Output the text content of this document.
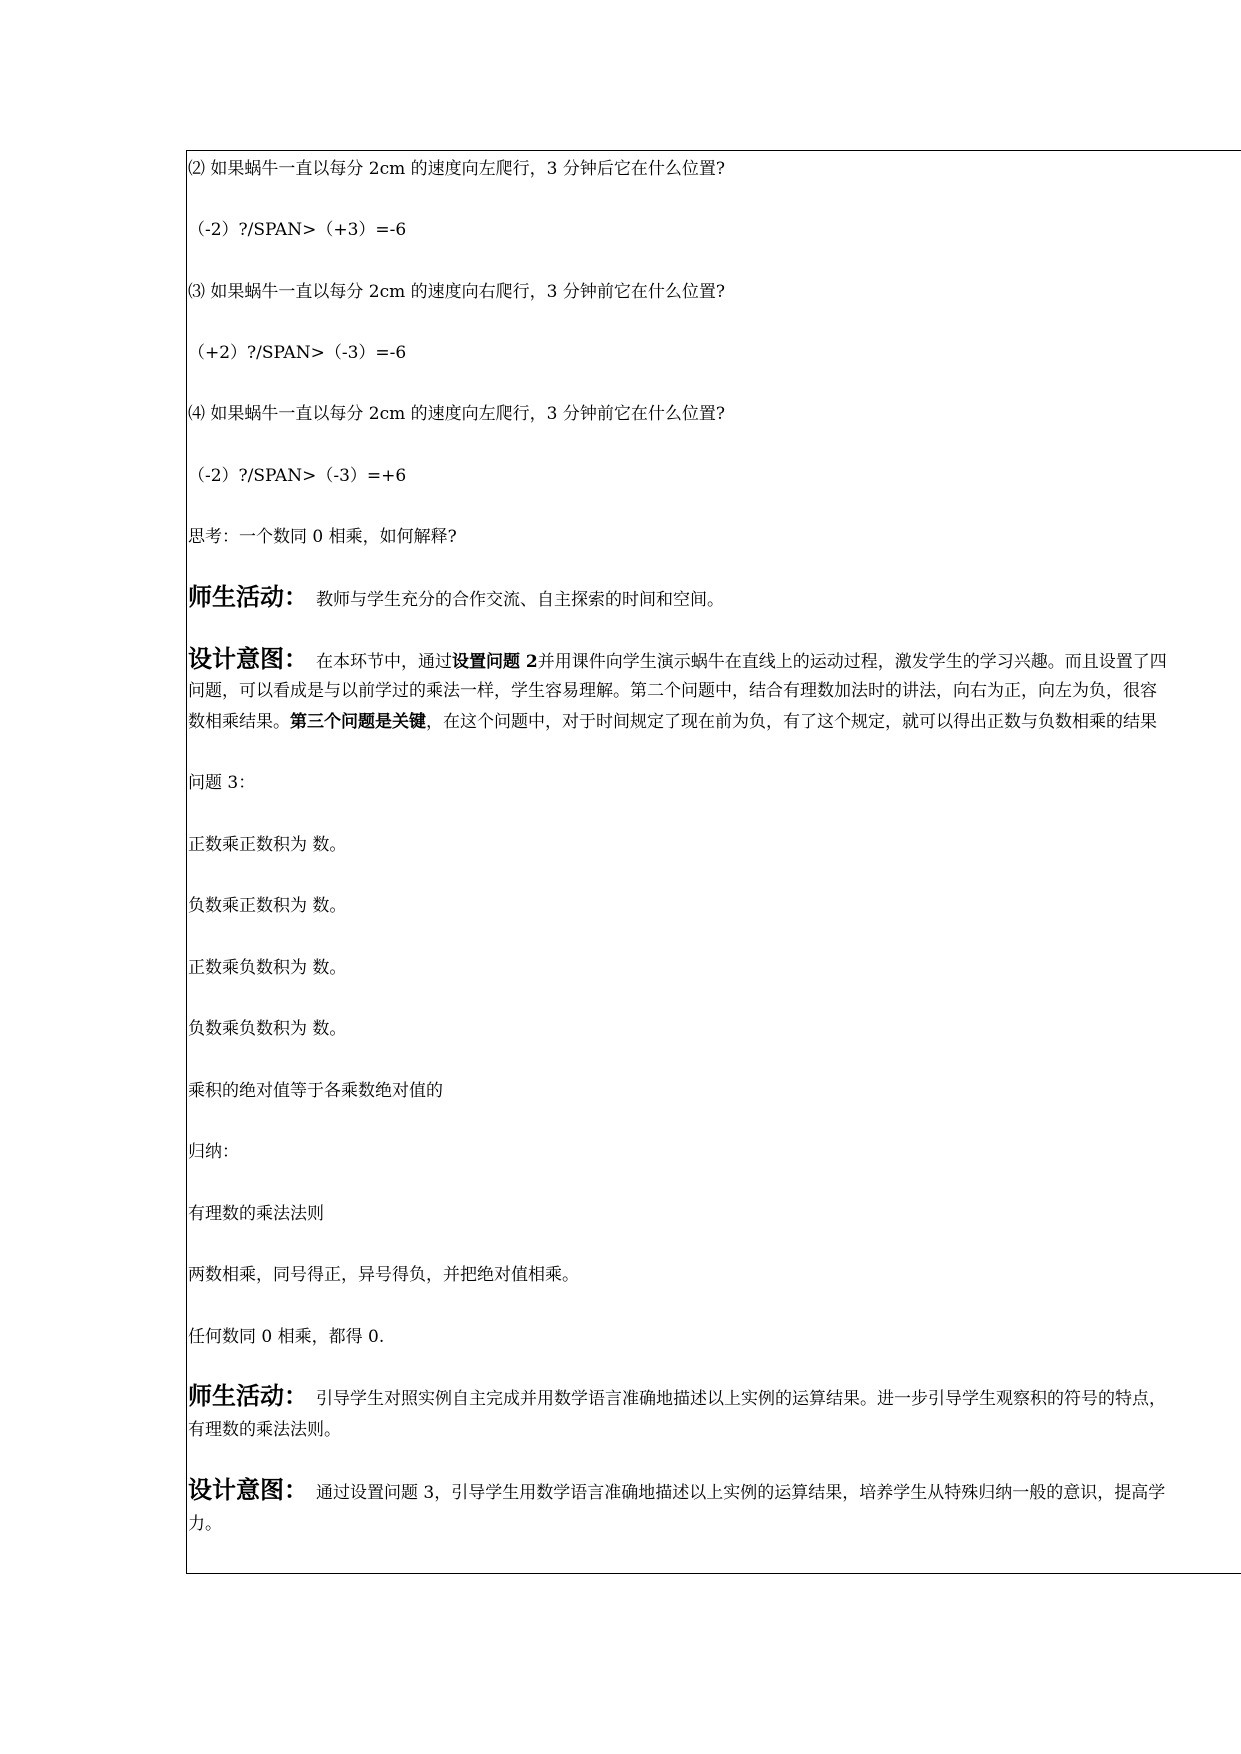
⑵ 如果蜗牛一直以每分 2cm 的速度向左爬行，3 分钟后它在什么位置?
（-2）?/SPAN>（+3）=-6
⑶ 如果蜗牛一直以每分 2cm 的速度向右爬行，3 分钟前它在什么位置?
（+2）?/SPAN>（-3）=-6
⑷ 如果蜗牛一直以每分 2cm 的速度向左爬行，3 分钟前它在什么位置?
（-2）?/SPAN>（-3）=+6
思考：一个数同 0 相乘，如何解释?
师生活动： 教师与学生充分的合作交流、自主探索的时间和空间。
设计意图： 在本环节中，通过设置问题 2并用课件向学生演示蜗牛在直线上的运动过程，激发学生的学习兴趣。而且设置了四
问题，可以看成是与以前学过的乘法一样，学生容易理解。第二个问题中，结合有理数加法时的讲法，向右为正，向左为负，很容
数相乘结果。第三个问题是关键，在这个问题中，对于时间规定了现在前为负，有了这个规定，就可以得出正数与负数相乘的结果
问题 3：
正数乘正数积为 数。
负数乘正数积为 数。
正数乘负数积为 数。
负数乘负数积为 数。
乘积的绝对值等于各乘数绝对值的
归纳：
有理数的乘法法则
两数相乘，同号得正，异号得负，并把绝对值相乘。
任何数同 0 相乘，都得 0.
师生活动： 引导学生对照实例自主完成并用数学语言准确地描述以上实例的运算结果。进一步引导学生观察积的符号的特点，
有理数的乘法法则。
设计意图： 通过设置问题 3，引导学生用数学语言准确地描述以上实例的运算结果，培养学生从特殊归纳一般的意识，提高学
力。
